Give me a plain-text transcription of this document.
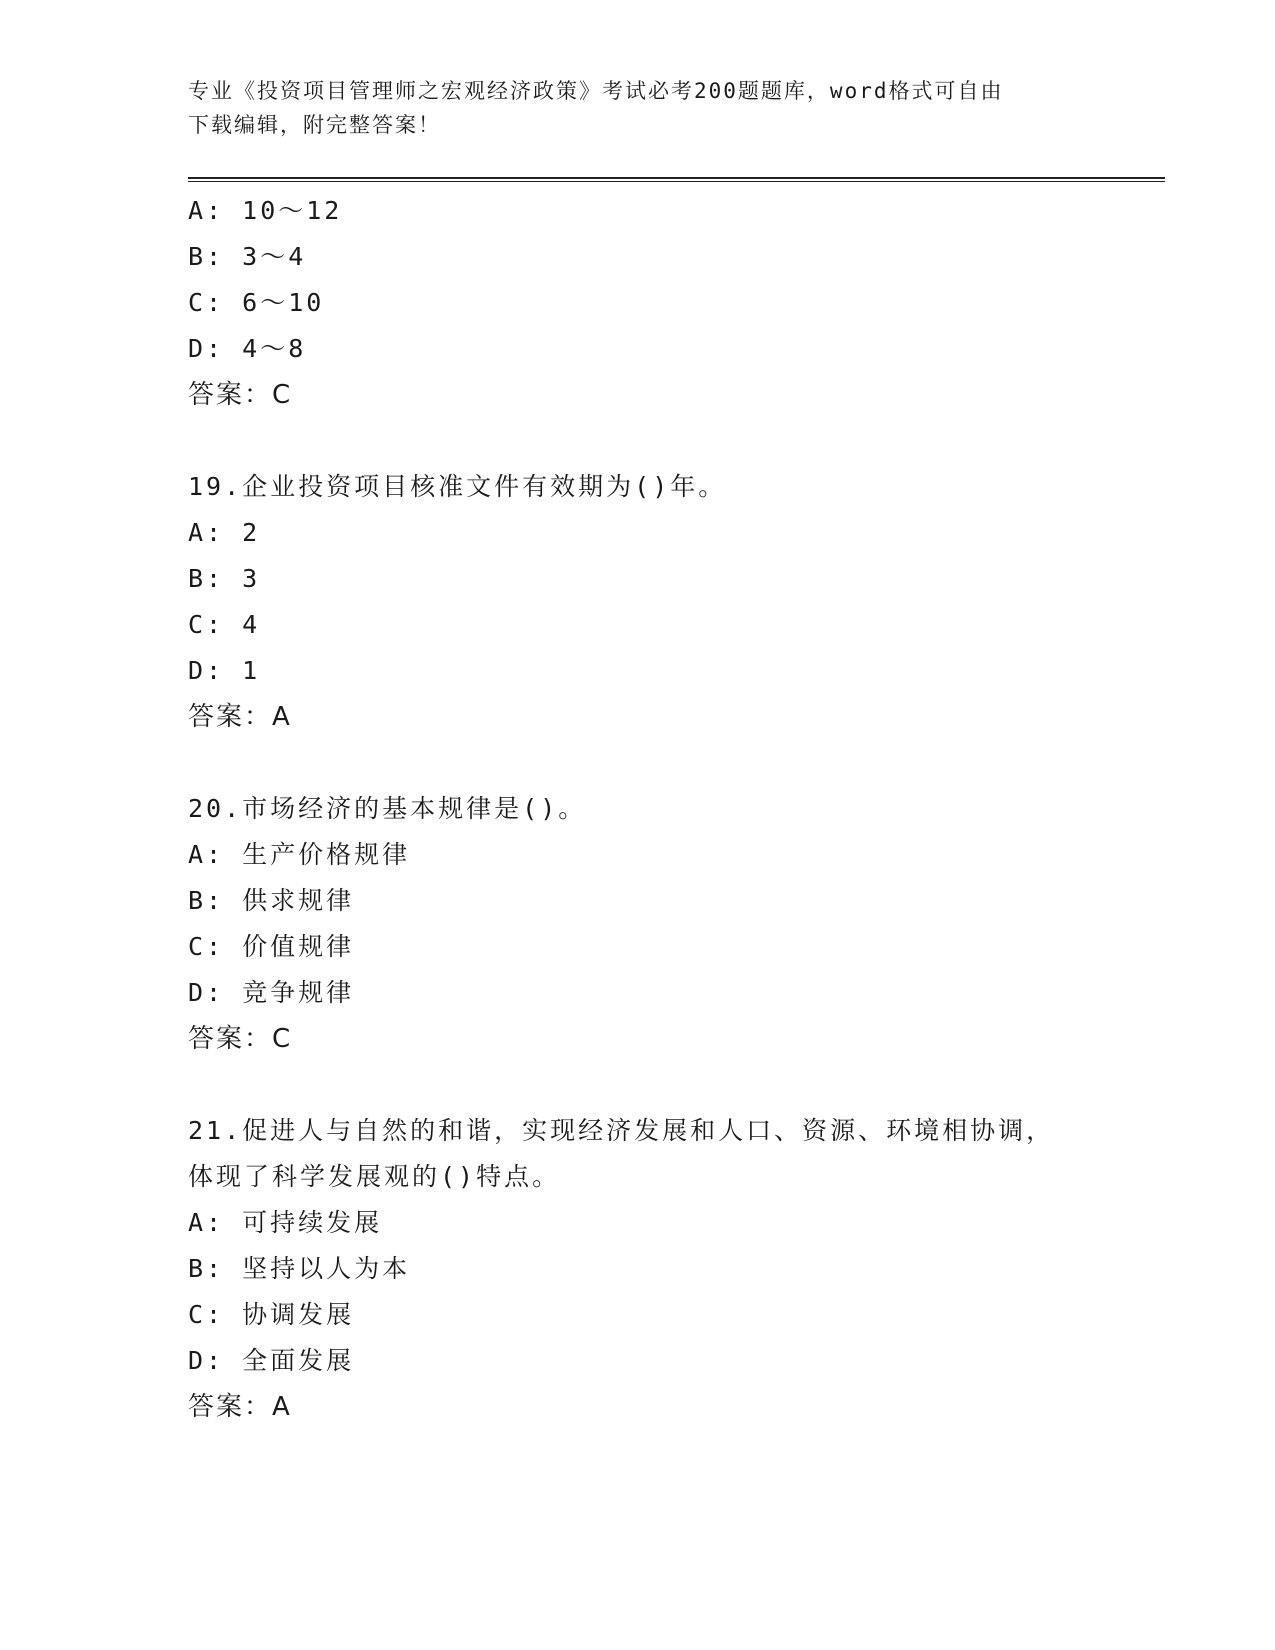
专业《投资项目管理师之宏观经济政策》考试必考200题题库，word格式可自由
下载编辑，附完整答案！
A: 10～12
B: 3～4
C: 6～10
D: 4～8
答案：C
19.企业投资项目核准文件有效期为()年。
A: 2
B: 3
C: 4
D: 1
答案：A
20.市场经济的基本规律是()。
A: 生产价格规律
B: 供求规律
C: 价值规律
D: 竞争规律
答案：C
21.促进人与自然的和谐，实现经济发展和人口、资源、环境相协调，
体现了科学发展观的()特点。
A: 可持续发展
B: 坚持以人为本
C: 协调发展
D: 全面发展
答案：A
